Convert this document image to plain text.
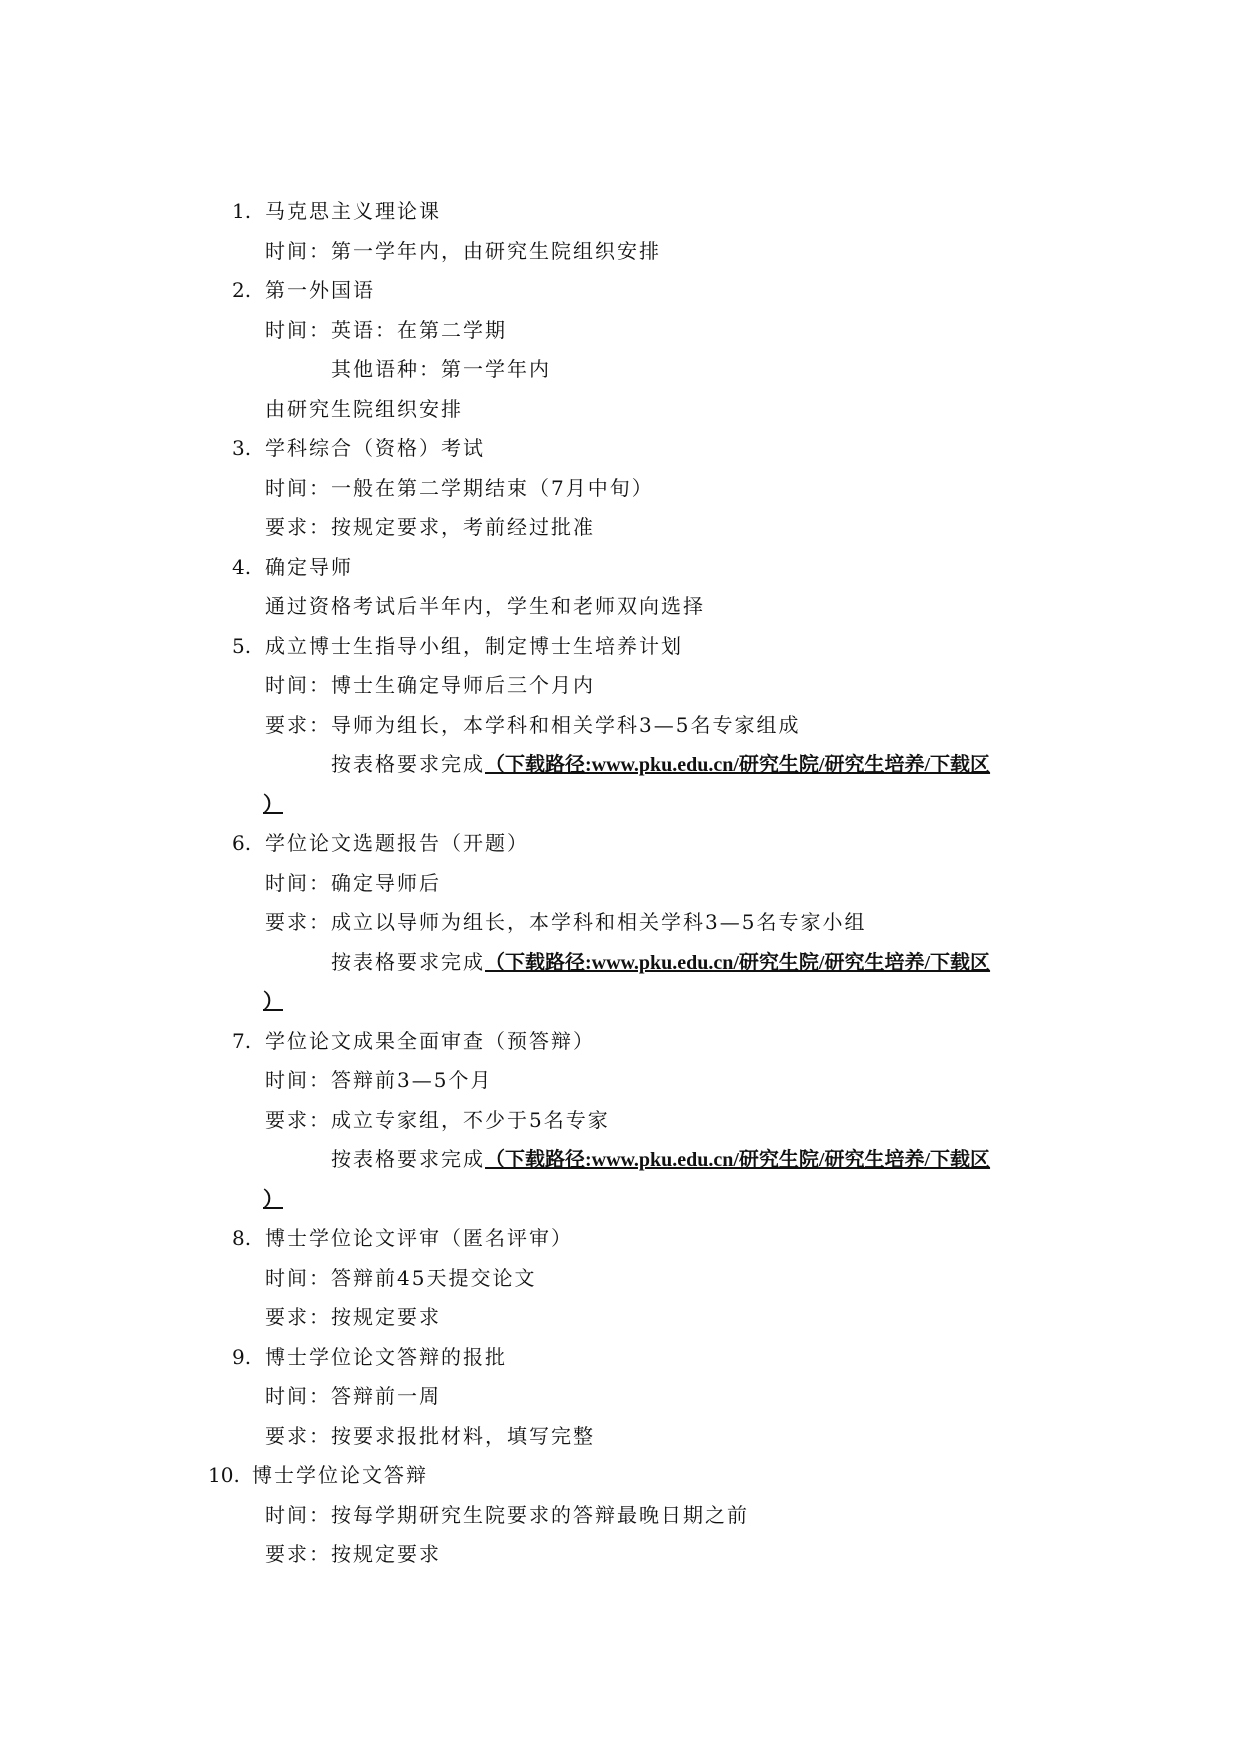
1. 马克思主义理论课
时间：第一学年内，由研究生院组织安排
2. 第一外国语
时间：英语：在第二学期
其他语种：第一学年内
由研究生院组织安排
3. 学科综合（资格）考试
时间：一般在第二学期结束（7月中旬）
要求：按规定要求，考前经过批准
4. 确定导师
通过资格考试后半年内，学生和老师双向选择
5. 成立博士生指导小组，制定博士生培养计划
时间：博士生确定导师后三个月内
要求：导师为组长，本学科和相关学科3—5名专家组成
按表格要求完成（下载路径:www.pku.edu.cn/研究生院/研究生培养/下载区
）
6. 学位论文选题报告（开题）
时间：确定导师后
要求：成立以导师为组长，本学科和相关学科3—5名专家小组
按表格要求完成（下载路径:www.pku.edu.cn/研究生院/研究生培养/下载区
）
7. 学位论文成果全面审查（预答辩）
时间：答辩前3—5个月
要求：成立专家组，不少于5名专家
按表格要求完成（下载路径:www.pku.edu.cn/研究生院/研究生培养/下载区
）
8. 博士学位论文评审（匿名评审）
时间：答辩前45天提交论文
要求：按规定要求
9. 博士学位论文答辩的报批
时间：答辩前一周
要求：按要求报批材料，填写完整
10. 博士学位论文答辩
时间：按每学期研究生院要求的答辩最晚日期之前
要求：按规定要求
